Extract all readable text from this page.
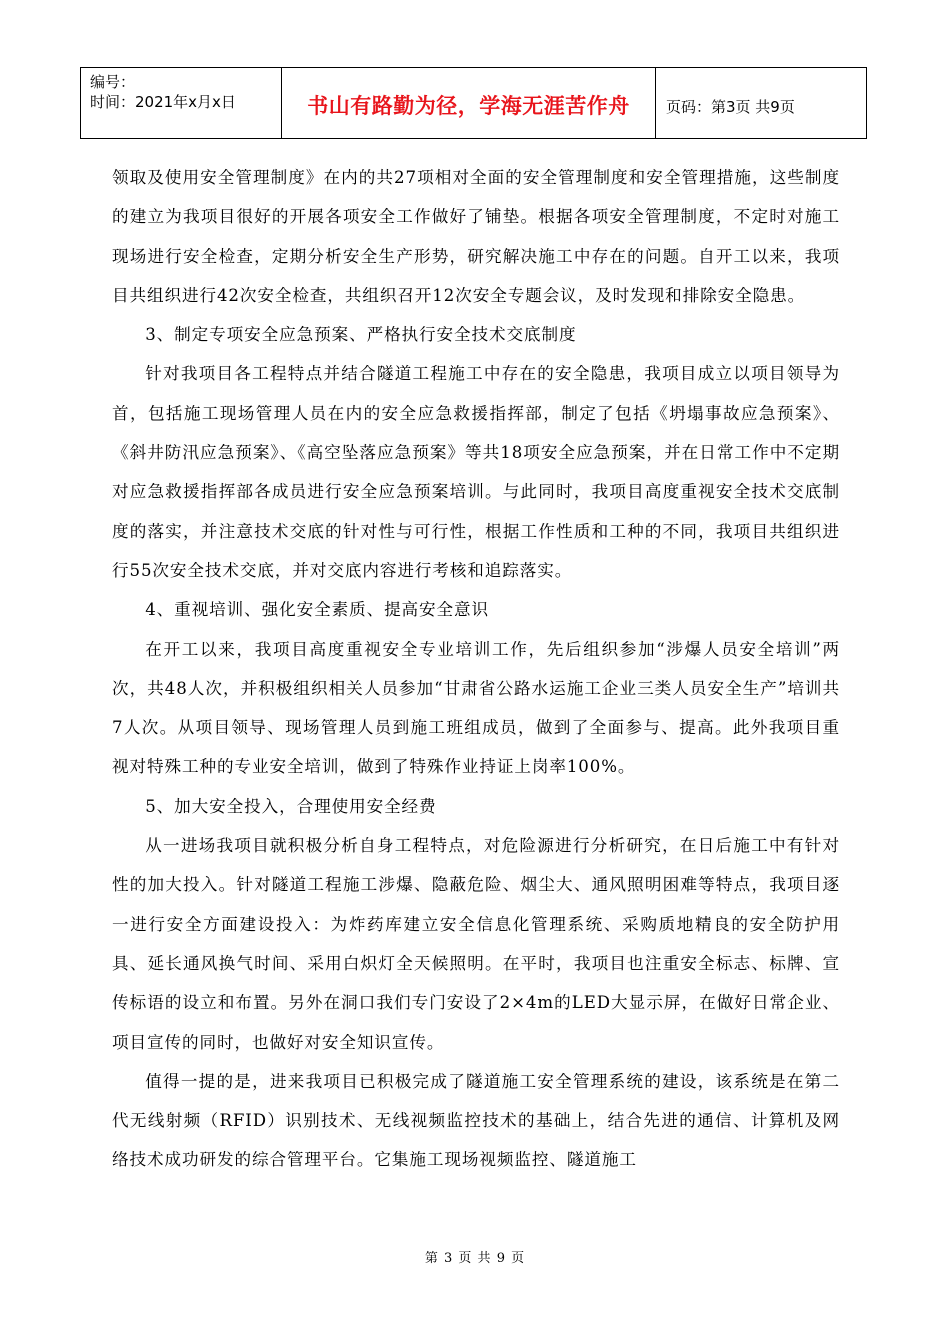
编号：
时间：2021年x月x日	书山有路勤为径，学海无涯苦作舟 页码：第3页 共9页

领取及使用安全管理制度》在内的共27项相对全面的安全管理制度和安全管理措施，这些制度的建立为我项目很好的开展各项安全工作做好了铺垫。根据各项安全管理制度，不定时对施工现场进行安全检查，定期分析安全生产形势，研究解决施工中存在的问题。自开工以来，我项目共组织进行42次安全检查，共组织召开12次安全专题会议，及时发现和排除安全隐患。

3、制定专项安全应急预案、严格执行安全技术交底制度

针对我项目各工程特点并结合隧道工程施工中存在的安全隐患，我项目成立以项目领导为首，包括施工现场管理人员在内的安全应急救援指挥部，制定了包括《坍塌事故应急预案》、《斜井防汛应急预案》、《高空坠落应急预案》等共18项安全应急预案，并在日常工作中不定期对应急救援指挥部各成员进行安全应急预案培训。与此同时，我项目高度重视安全技术交底制度的落实，并注意技术交底的针对性与可行性，根据工作性质和工种的不同，我项目共组织进行55次安全技术交底，并对交底内容进行考核和追踪落实。

4、重视培训、强化安全素质、提高安全意识

在开工以来，我项目高度重视安全专业培训工作，先后组织参加“涉爆人员安全培训”两次，共48人次，并积极组织相关人员参加“甘肃省公路水运施工企业三类人员安全生产”培训共7人次。从项目领导、现场管理人员到施工班组成员，做到了全面参与、提高。此外我项目重视对特殊工种的专业安全培训，做到了特殊作业持证上岗率100%。

5、加大安全投入，合理使用安全经费

从一进场我项目就积极分析自身工程特点，对危险源进行分析研究，在日后施工中有针对性的加大投入。针对隧道工程施工涉爆、隐蔽危险、烟尘大、通风照明困难等特点，我项目逐一进行安全方面建设投入：为炸药库建立安全信息化管理系统、采购质地精良的安全防护用具、延长通风换气时间、采用白炽灯全天候照明。在平时，我项目也注重安全标志、标牌、宣传标语的设立和布置。另外在洞口我们专门安设了2×4m的LED大显示屏，在做好日常企业、项目宣传的同时，也做好对安全知识宣传。

值得一提的是，进来我项目已积极完成了隧道施工安全管理系统的建设，该系统是在第二代无线射频（RFID）识别技术、无线视频监控技术的基础上，结合先进的通信、计算机及网络技术成功研发的综合管理平台。它集施工现场视频监控、隧道施工

第 3 页 共 9 页
